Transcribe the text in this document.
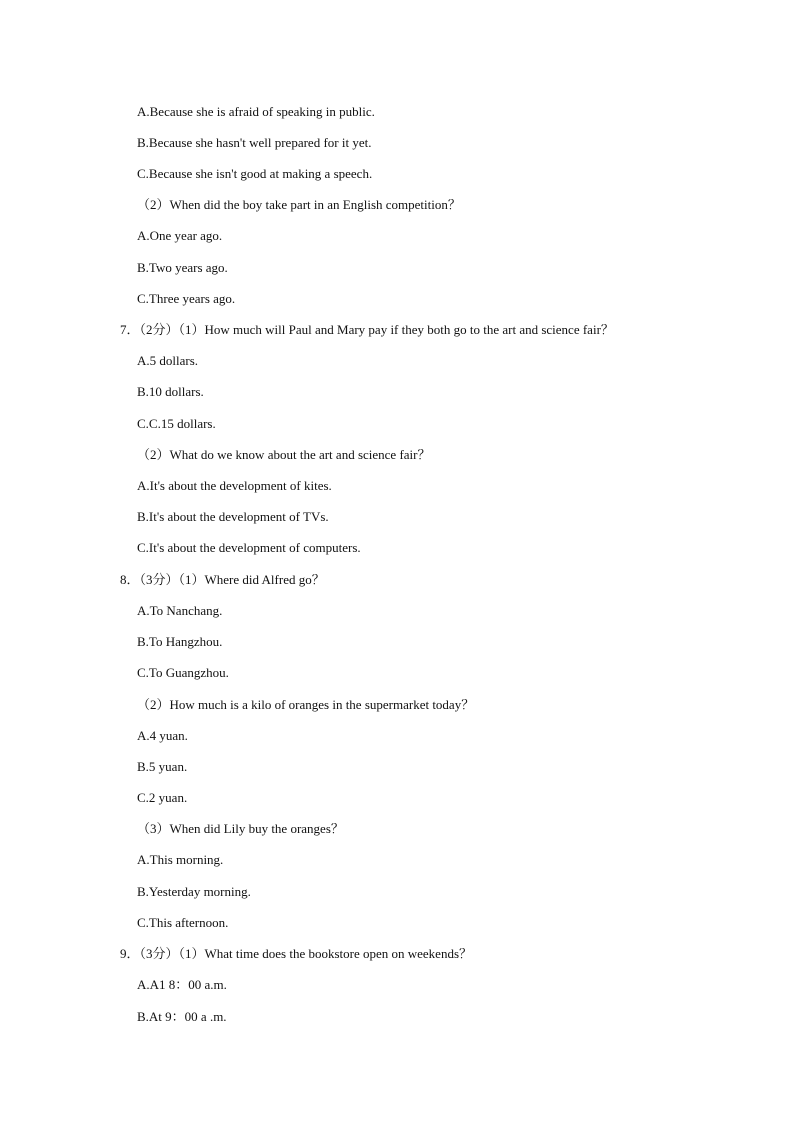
A.Because she is afraid of speaking in public.
B.Because she hasn't well prepared for it yet.
C.Because she isn't good at making a speech.
（2）When did the boy take part in an English competition？
A.One year ago.
B.Two years ago.
C.Three years ago.
7．（2分）（1）How much will Paul and Mary pay if they both go to the art and science fair？
A.5 dollars.
B.10 dollars.
C.C.15 dollars.
（2）What do we know about the art and science fair？
A.It's about the development of kites.
B.It's about the development of TVs.
C.It's about the development of computers.
8．（3分）（1）Where did Alfred go？
A.To Nanchang.
B.To Hangzhou.
C.To Guangzhou.
（2）How much is a kilo of oranges in the supermarket today？
A.4 yuan.
B.5 yuan.
C.2 yuan.
（3）When did Lily buy the oranges？
A.This morning.
B.Yesterday morning.
C.This afternoon.
9．（3分）（1）What time does the bookstore open on weekends？
A.A1 8：00 a.m.
B.At 9：00 a .m.
